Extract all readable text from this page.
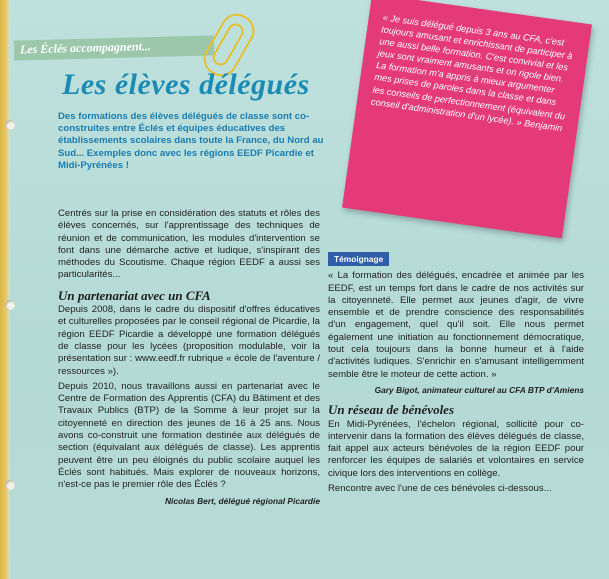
Les Éclés accompagnent...
Les élèves délégués
Des formations des élèves délégués de classe sont co-construites entre Éclés et équipes éducatives des établissements scolaires dans toute la France, du Nord au Sud... Exemples donc avec les régions EEDF Picardie et Midi-Pyrénées !
« Je suis délégué depuis 3 ans au CFA, c'est toujours amusant et enrichissant de participer à une aussi belle formation. C'est convivial et les jeux sont vraiment amusants et on rigole bien. La formation m'a appris à mieux argumenter mes prises de paroles dans la classe et dans les conseils de perfectionnement (équivalent du conseil d'administration d'un lycée). » Benjamin

Centrés sur la prise en considération des statuts et rôles des élèves concernés, sur l'apprentissage des techniques de réunion et de communication, les modules d'intervention se font dans une démarche active et ludique, s'inspirant des méthodes du Scoutisme. Chaque région EEDF a aussi ses particularités...

Un partenariat avec un CFA

Depuis 2008, dans le cadre du dispositif d'offres éducatives et culturelles proposées par le conseil régional de Picardie, la région EEDF Picardie a développé une formation délégués de classe pour les lycées (proposition modulable, voir la présentation sur : www.eedf.fr rubrique « école de l'aventure / ressources »).

Depuis 2010, nous travaillons aussi en partenariat avec le Centre de Formation des Apprentis (CFA) du Bâtiment et des Travaux Publics (BTP) de la Somme à leur projet sur la citoyenneté en direction des jeunes de 16 à 25 ans. Nous avons co-construit une formation destinée aux délégués de section (équivalant aux délégués de classe). Les apprentis peuvent être un peu éloignés du public scolaire auquel les Éclés sont habitués. Mais explorer de nouveaux horizons, n'est-ce pas le premier rôle des Éclés ?

Nicolas Bert, délégué régional Picardie
Témoignage

« La formation des délégués, encadrée et animée par les EEDF, est un temps fort dans le cadre de nos activités sur la citoyenneté. Elle permet aux jeunes d'agir, de vivre ensemble et de prendre conscience des responsabilités d'un engagement, quel qu'il soit. Elle nous permet également une initiation au fonctionnement démocratique, tout cela toujours dans la bonne humeur et à l'aide d'activités ludiques. S'enrichir en s'amusant intelligemment semble être le moteur de cette action. »

Gary Bigot, animateur culturel au CFA BTP d'Amiens
Un réseau de bénévoles

En Midi-Pyrénées, l'échelon régional, sollicité pour co-intervenir dans la formation des élèves délégués de classe, fait appel aux acteurs bénévoles de la région EEDF pour renforcer les équipes de salariés et volontaires en service civique lors des interventions en collège.

Rencontre avec l'une de ces bénévoles ci-dessous...
